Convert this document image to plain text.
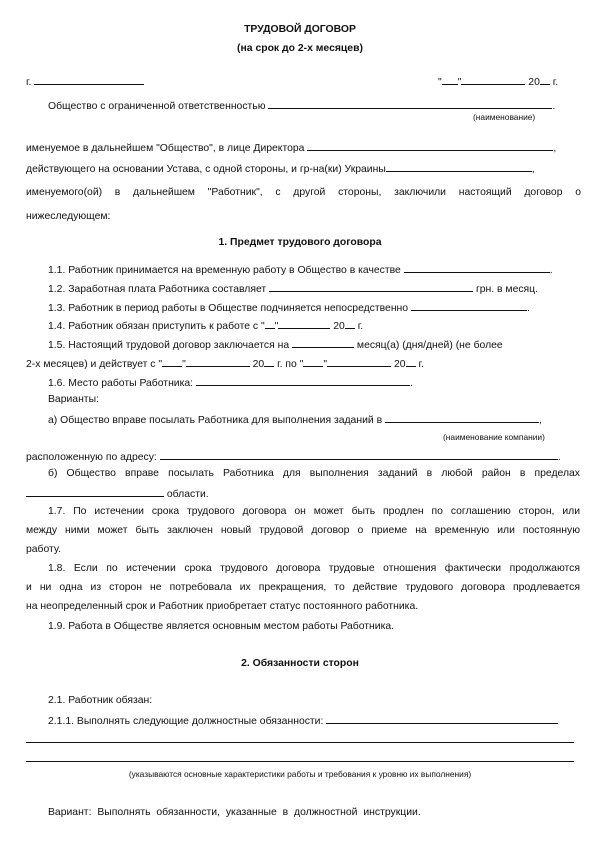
ТРУДОВОЙ ДОГОВОР
(на срок до 2-х месяцев)
г.	" "	20 г.
Общество с ограниченной ответственностью	.
(наименование)
именуемое в дальнейшем "Общество", в лице Директора	,
действующего на основании Устава, с одной стороны, и гр-на(ки) Украины	,
именуемого(ой) в дальнейшем "Работник", с другой стороны, заключили настоящий договор о
нижеследующем:
1. Предмет трудового договора
1.1. Работник принимается на временную работу в Общество в качестве	.
1.2. Заработная плата Работника составляет	грн. в месяц.
1.3. Работник в период работы в Обществе подчиняется непосредственно	.
1.4. Работник обязан приступить к работе с " "	20 г.
1.5. Настоящий трудовой договор заключается на	месяц(а) (дня/дней) (не более
2-х месяцев) и действует с " "	20 г. по " "	20 г.
1.6. Место работы Работника:	.
Варианты:
а) Общество вправе посылать Работника для выполнения заданий в	,
(наименование компании)
расположенную по адресу:	.
б) Общество вправе посылать Работника для выполнения заданий в любой район в пределах
области.
1.7. По истечении срока трудового договора он может быть продлен по соглашению сторон, или
между ними может быть заключен новый трудовой договор о приеме на временную или постоянную
работу.
1.8. Если по истечении срока трудового договора трудовые отношения фактически продолжаются
и ни одна из сторон не потребовала их прекращения, то действие трудового договора продлевается
на неопределенный срок и Работник приобретает статус постоянного работника.
1.9. Работа в Обществе является основным местом работы Работника.
2. Обязанности сторон
2.1. Работник обязан:
2.1.1. Выполнять следующие должностные обязанности:
(указываются основные характеристики работы и требования к уровню их выполнения)
Вариант: Выполнять обязанности, указанные в должностной инструкции.
